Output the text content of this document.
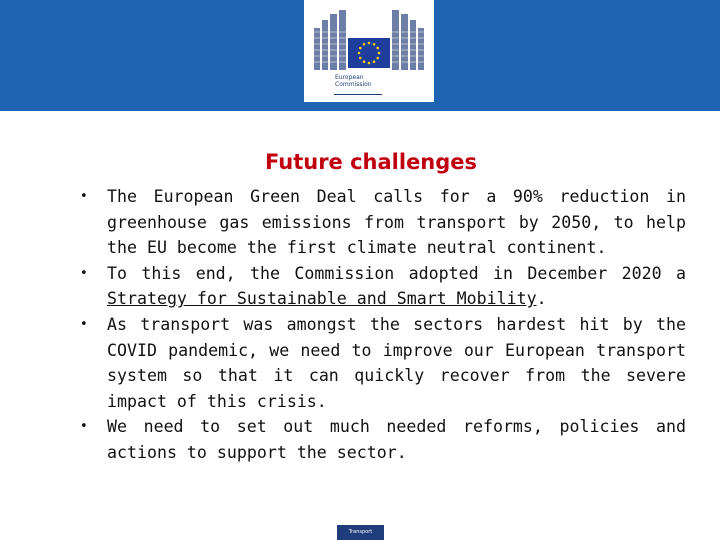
European
Commission
Future challenges
• The European Green Deal calls for a 90% reduction in greenhouse gas emissions from transport by 2050, to help the EU become the first climate neutral continent.
• To this end, the Commission adopted in December 2020 a Strategy for Sustainable and Smart Mobility.
• As transport was amongst the sectors hardest hit by the COVID pandemic, we need to improve our European transport system so that it can quickly recover from the severe impact of this crisis.
• We need to set out much needed reforms, policies and actions to support the sector.
Transport
